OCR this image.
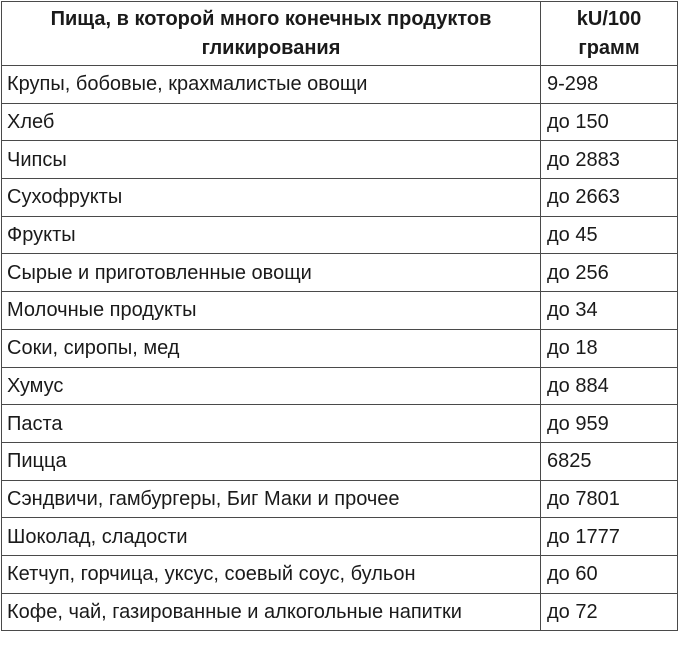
Пища, в которой много конечных продуктов гликирования	kU/100 грамм
Крупы, бобовые, крахмалистые овощи	9-298
Хлеб	до 150
Чипсы	до 2883
Сухофрукты	до 2663
Фрукты	до 45
Сырые и приготовленные овощи	до 256
Молочные продукты	до 34
Соки, сиропы, мед	до 18
Хумус	до 884
Паста	до 959
Пицца	6825
Сэндвичи, гамбургеры, Биг Маки и прочее	до 7801
Шоколад, сладости	до 1777
Кетчуп, горчица, уксус, соевый соус, бульон	до 60
Кофе, чай, газированные и алкогольные напитки	до 72
